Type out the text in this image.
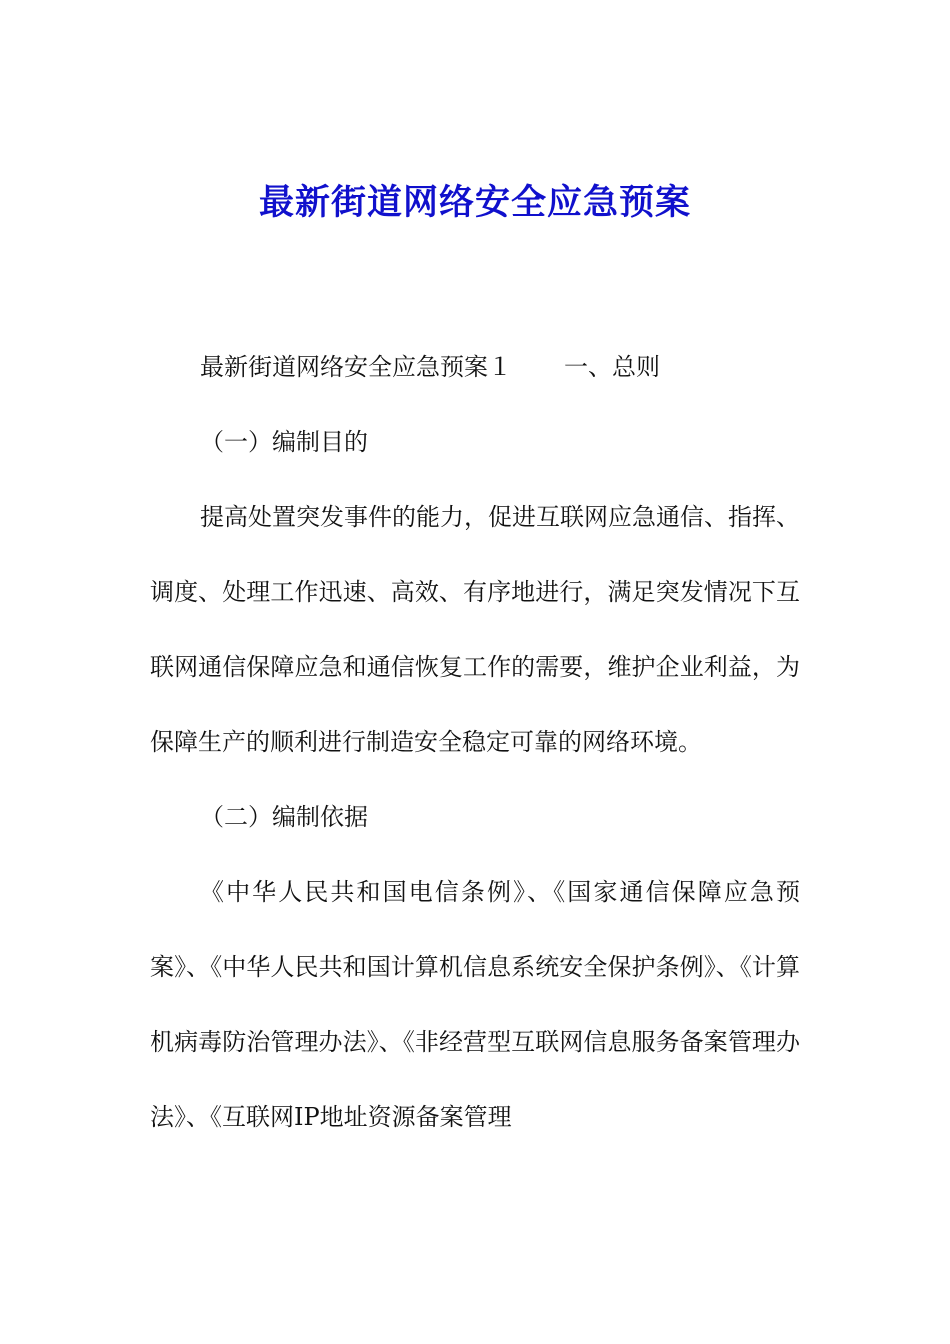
最新街道网络安全应急预案

最新街道网络安全应急预案１ 一、总则

（一）编制目的

提高处置突发事件的能力，促进互联网应急通信、指挥、调度、处理工作迅速、高效、有序地进行，满足突发情况下互联网通信保障应急和通信恢复工作的需要，维护企业利益，为保障生产的顺利进行制造安全稳定可靠的网络环境。

（二）编制依据

《中华人民共和国电信条例》、《国家通信保障应急预案》、《中华人民共和国计算机信息系统安全保护条例》、《计算机病毒防治管理办法》、《非经营型互联网信息服务备案管理办法》、《互联网IP地址资源备案管理
